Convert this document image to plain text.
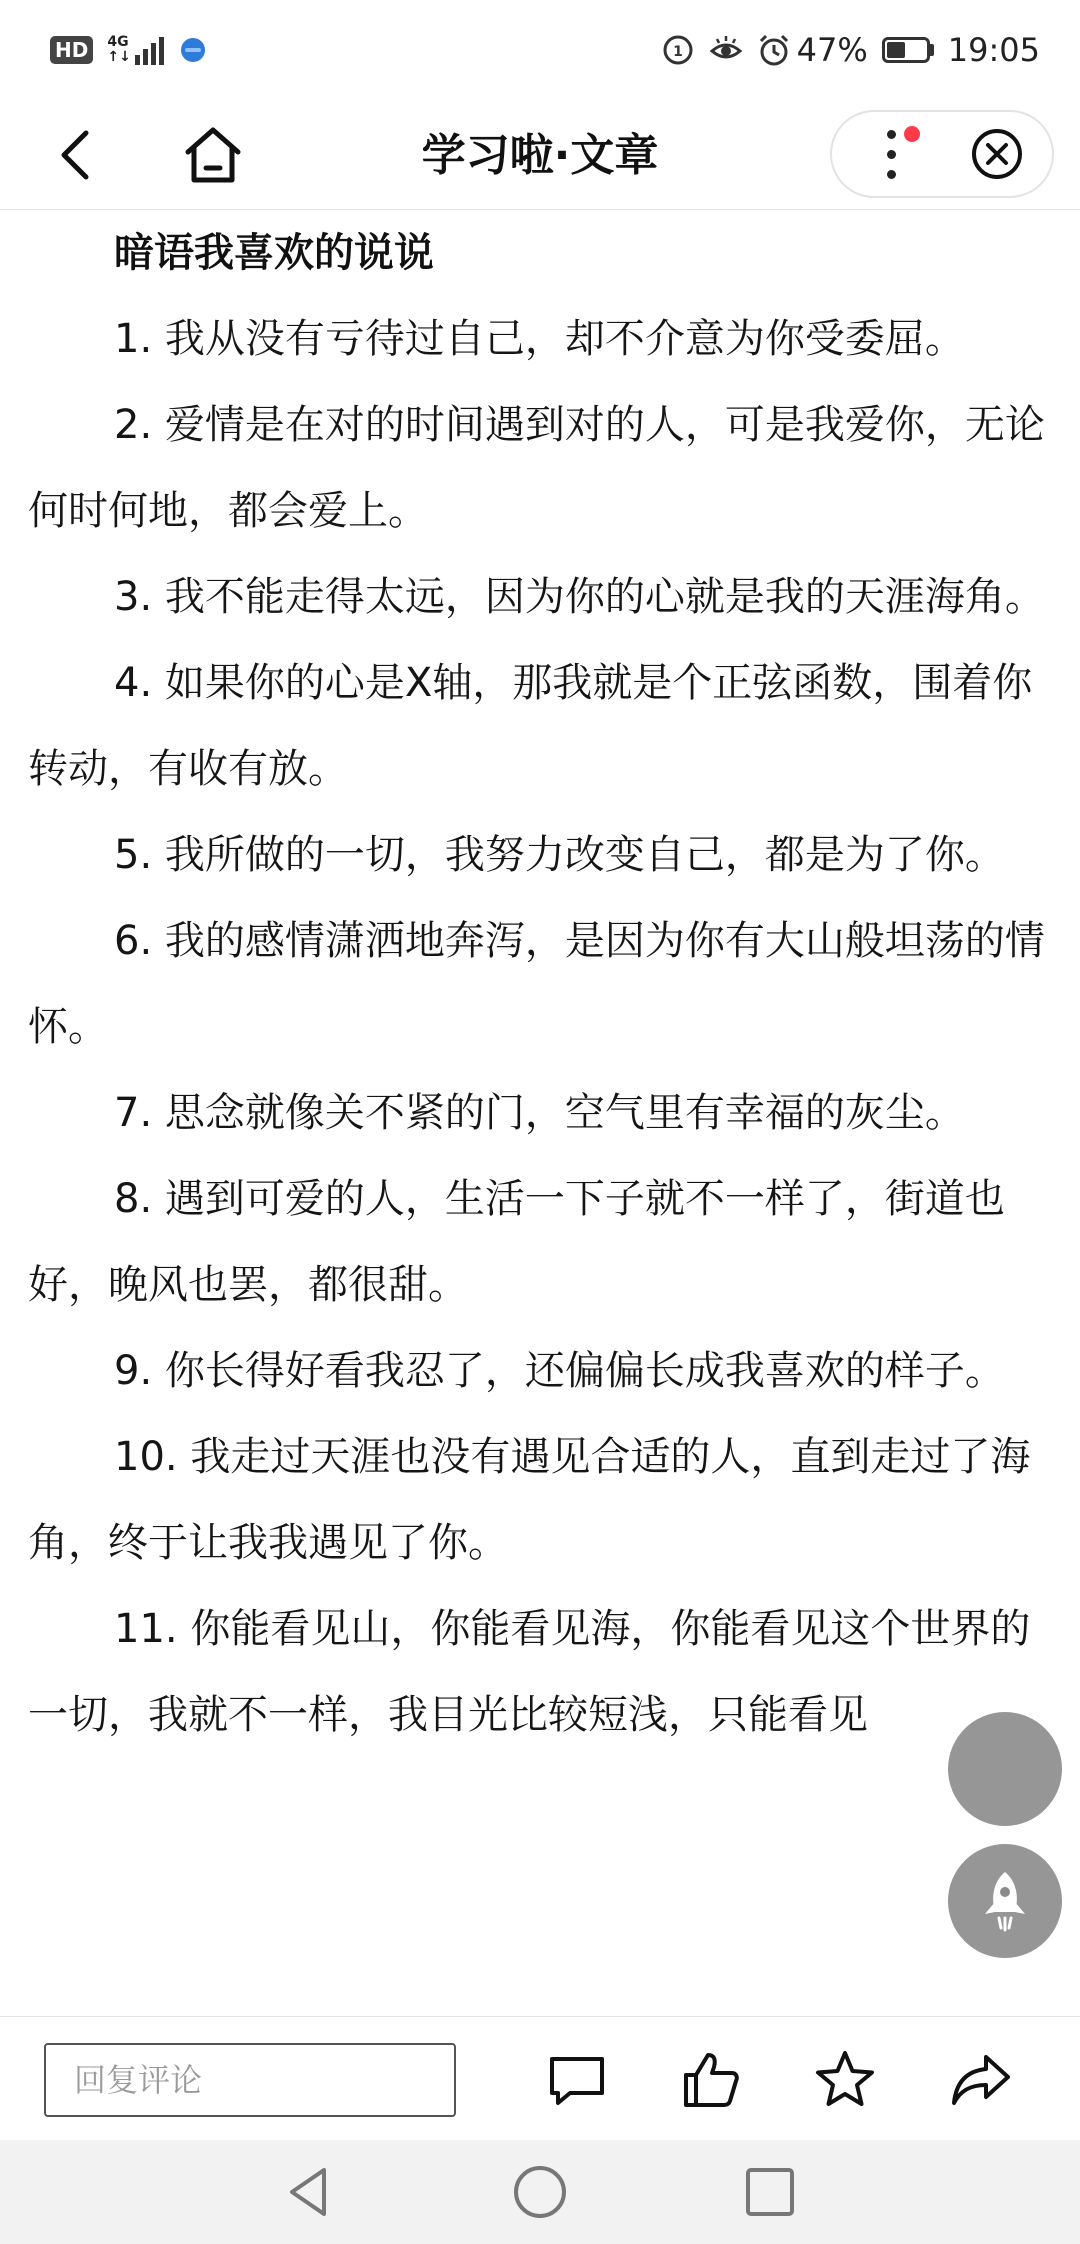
HD	4G
↑↓	1	47%	19:05
学习啦·文章

暗语我喜欢的说说

1. 我从没有亏待过自己，却不介意为你受委屈。

2. 爱情是在对的时间遇到对的人，可是我爱你，无论何时何地，都会爱上。

3. 我不能走得太远，因为你的心就是我的天涯海角。

4. 如果你的心是X轴，那我就是个正弦函数，围着你转动，有收有放。

5. 我所做的一切，我努力改变自己，都是为了你。

6. 我的感情潇洒地奔泻，是因为你有大山般坦荡的情怀。

7. 思念就像关不紧的门，空气里有幸福的灰尘。

8. 遇到可爱的人，生活一下子就不一样了，街道也好，晚风也罢，都很甜。

9. 你长得好看我忍了，还偏偏长成我喜欢的样子。

10. 我走过天涯也没有遇见合适的人，直到走过了海角，终于让我我遇见了你。

11. 你能看见山，你能看见海，你能看见这个世界的一切，我就不一样，我目光比较短浅，只能看见

回复评论
